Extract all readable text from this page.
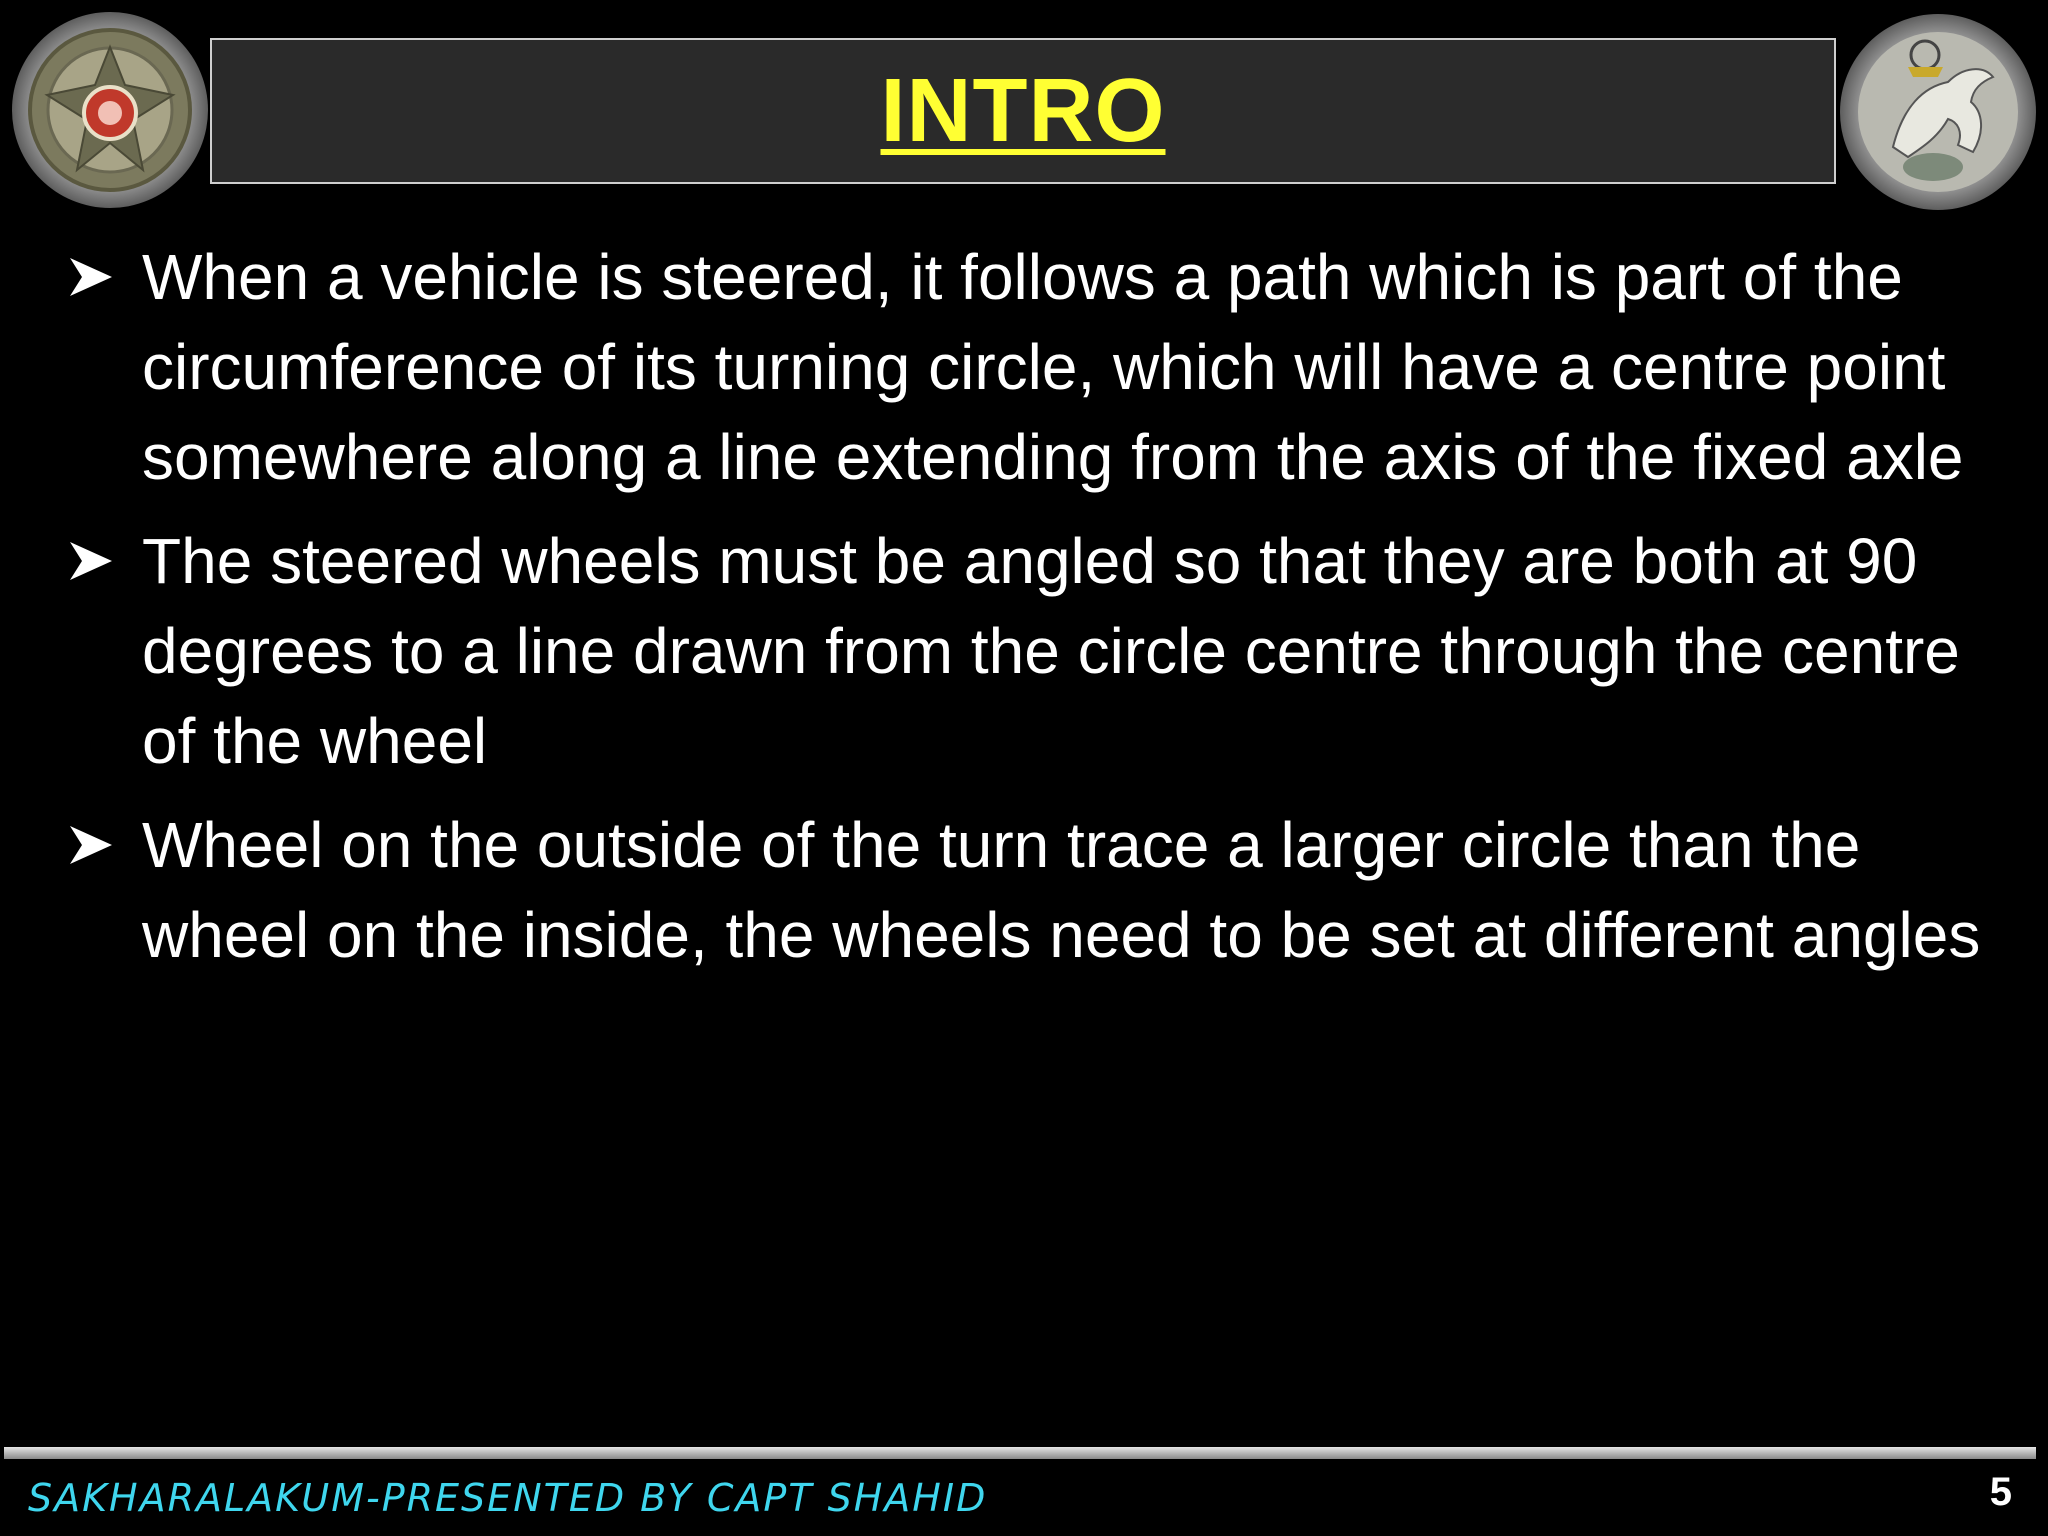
INTRO
When a vehicle is steered, it follows a path which is part of the circumference of its turning circle, which will have a centre point somewhere along a line extending from the axis of the fixed axle
The steered wheels must be angled so that they are both at 90 degrees to a line drawn from the circle centre through the centre of the wheel
Wheel on the outside of the turn trace a larger circle than the wheel on the inside, the wheels need to be set at different angles
SAKHARALAKUM-PRESENTED BY CAPT SHAHID	5
